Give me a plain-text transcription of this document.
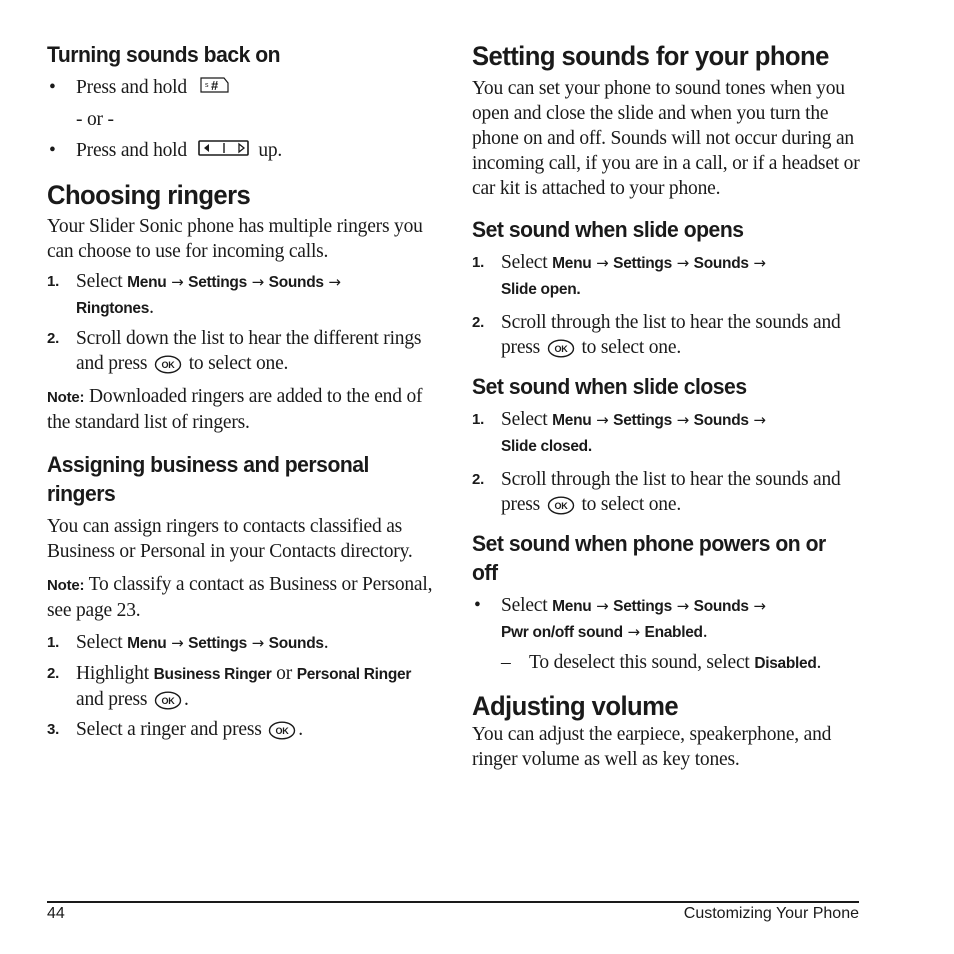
Turning sounds back on
• Press and hold	s #
- or -
• Press and hold	up.
Choosing ringers

Your Slider Sonic phone has multiple ringers you can choose to use for incoming calls.

1. Select Menu → Settings → Sounds →
Ringtones.
2. Scroll down the list to hear the different rings and press OK to select one.

Note: Downloaded ringers are added to the end of the standard list of ringers.

Assigning business and personal ringers

You can assign ringers to contacts classified as Business or Personal in your Contacts directory.

Note: To classify a contact as Business or Personal, see page 23.

1. Select Menu → Settings → Sounds.
2. Highlight Business Ringer or Personal Ringer
and press OK .
3. Select a ringer and press OK .
Setting sounds for your phone

You can set your phone to sound tones when you open and close the slide and when you turn the phone on and off. Sounds will not occur during an incoming call, if you are in a call, or if a headset or car kit is attached to your phone.

Set sound when slide opens
1. Select Menu → Settings → Sounds →
Slide open.
2. Scroll through the list to hear the sounds and press OK to select one.
Set sound when slide closes
1. Select Menu → Settings → Sounds →
Slide closed.
2. Scroll through the list to hear the sounds and press OK to select one.
Set sound when phone powers on or off
• Select Menu → Settings → Sounds →
Pwr on/off sound → Enabled.
– To deselect this sound, select Disabled.
Adjusting volume

You can adjust the earpiece, speakerphone, and ringer volume as well as key tones.

44	Customizing Your Phone
